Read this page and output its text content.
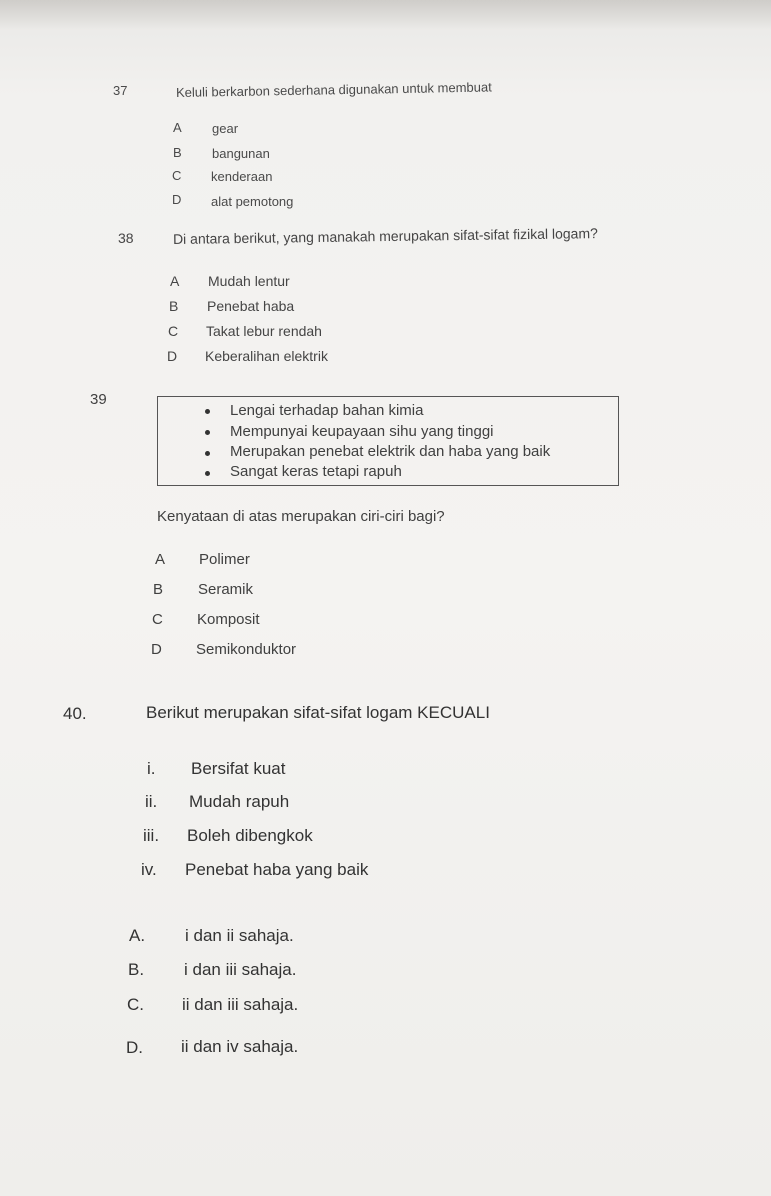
37	Keluli berkarbon sederhana digunakan untuk membuat
A gear
B bangunan
C kenderaan
D alat pemotong
38	Di antara berikut, yang manakah merupakan sifat-sifat fizikal logam?
A Mudah lentur
B Penebat haba
C Takat lebur rendah
D Keberalihan elektrik
39
Lengai terhadap bahan kimia
Mempunyai keupayaan sihu yang tinggi
Merupakan penebat elektrik dan haba yang baik
Sangat keras tetapi rapuh
Kenyataan di atas merupakan ciri-ciri bagi?
A Polimer
B Seramik
C Komposit
D Semikonduktor
40.	Berikut merupakan sifat-sifat logam KECUALI
i. Bersifat kuat
ii. Mudah rapuh
iii. Boleh dibengkok
iv. Penebat haba yang baik
A. i dan ii sahaja.
B. i dan iii sahaja.
C. ii dan iii sahaja.
D. ii dan iv sahaja.
